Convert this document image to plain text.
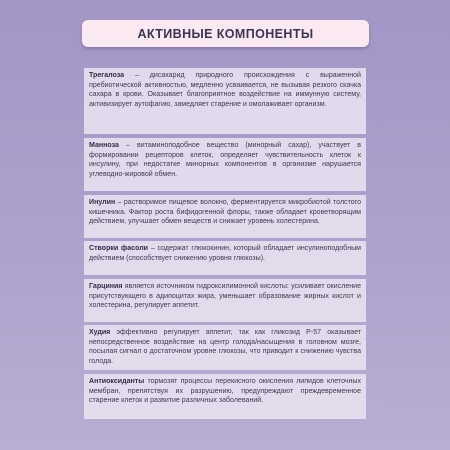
АКТИВНЫЕ КОМПОНЕНТЫ
Трегалоза – дисахарид природного происхождения с выраженной пребиотической активностью, медленно усваивается, не вызывая резкого скачка сахара в крови. Оказывает благоприятное воздействие на иммунную систему, активизирует аутофагию, замедляет старение и омолаживает организм.
Манноза – витаминоподобное вещество (минорный сахар), участвует в формировании рецепторов клеток, определяет чувствительность клеток к инсулину, при недостатке минорных компонентов в организме нарушается углеводно-жировой обмен.
Инулин – растворимое пищевое волокно, ферментируется микробиотой толстого кишечника. Фактор роста бифидогенной флоры, также обладает кроветворящим действием, улучшает обмен веществ и снижает уровень холестерина.
Створки фасоли – содержат глюкокинин, который обладает инсулиноподобным действием (способствует снижению уровня глюкозы).
Гарциния является источником гидроксилимонной кислоты: усиливает окисление присутствующего в адипоцитах жира, уменьшает образование жирных кислот и холестерина, регулирует аппетит.
Худия эффективно регулирует аппетит, так как гликозид P-57 оказывает непосредственное воздействие на центр голода/насыщения в головном мозге, посылая сигнал о достаточном уровне глюкозы, что приводит к снижению чувства голода.
Антиоксиданты тормозят процессы перекисного окисления липидов клеточных мембран, препятствуя их разрушению, предупреждают преждевременное старение клеток и развитие различных заболеваний.
